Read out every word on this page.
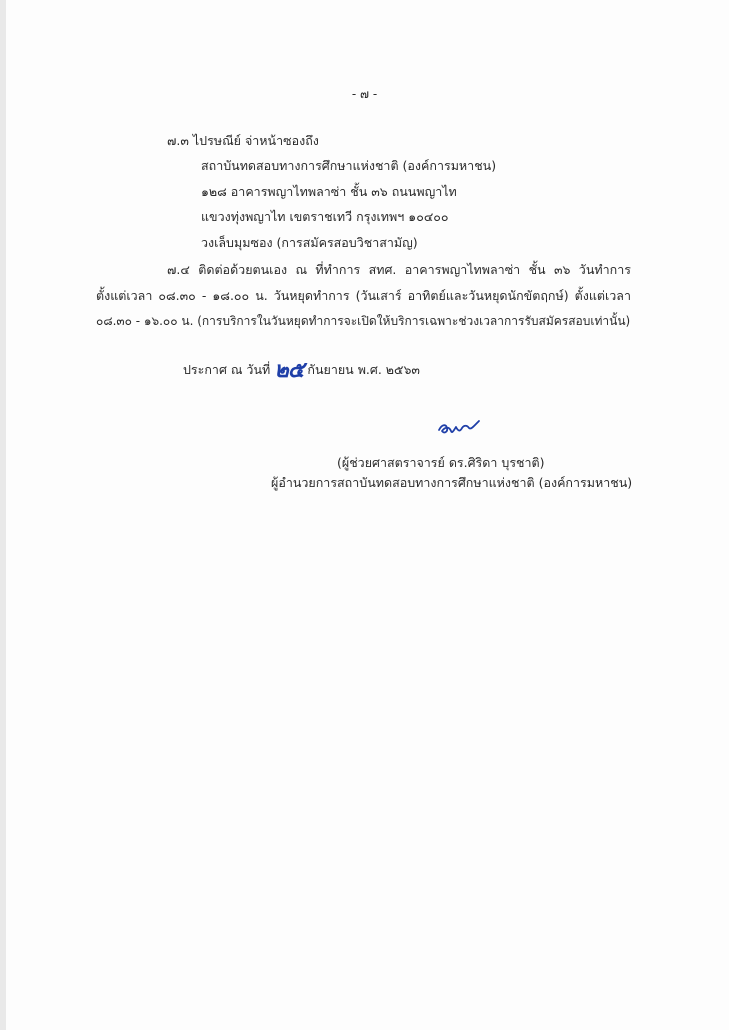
- ๗ -
๗.๓ ไปรษณีย์ จ่าหน้าซองถึง
สถาบันทดสอบทางการศึกษาแห่งชาติ (องค์การมหาชน)
๑๒๘ อาคารพญาไทพลาซ่า ชั้น ๓๖ ถนนพญาไท
แขวงทุ่งพญาไท เขตราชเทวี กรุงเทพฯ ๑๐๔๐๐
วงเล็บมุมซอง (การสมัครสอบวิชาสามัญ)
๗.๔ ติดต่อด้วยตนเอง ณ ที่ทำการ สทศ. อาคารพญาไทพลาซ่า ชั้น ๓๖ วันทำการ
ตั้งแต่เวลา ๐๘.๓๐ - ๑๘.๐๐ น. วันหยุดทำการ (วันเสาร์ อาทิตย์และวันหยุดนักขัตฤกษ์) ตั้งแต่เวลา
๐๘.๓๐ - ๑๖.๐๐ น. (การบริการในวันหยุดทำการจะเปิดให้บริการเฉพาะช่วงเวลาการรับสมัครสอบเท่านั้น)
ประกาศ ณ วันที่ ๒๕ กันยายน พ.ศ. ๒๕๖๓
(ผู้ช่วยศาสตราจารย์ ดร.ศิริดา บุรชาติ)
ผู้อำนวยการสถาบันทดสอบทางการศึกษาแห่งชาติ (องค์การมหาชน)
